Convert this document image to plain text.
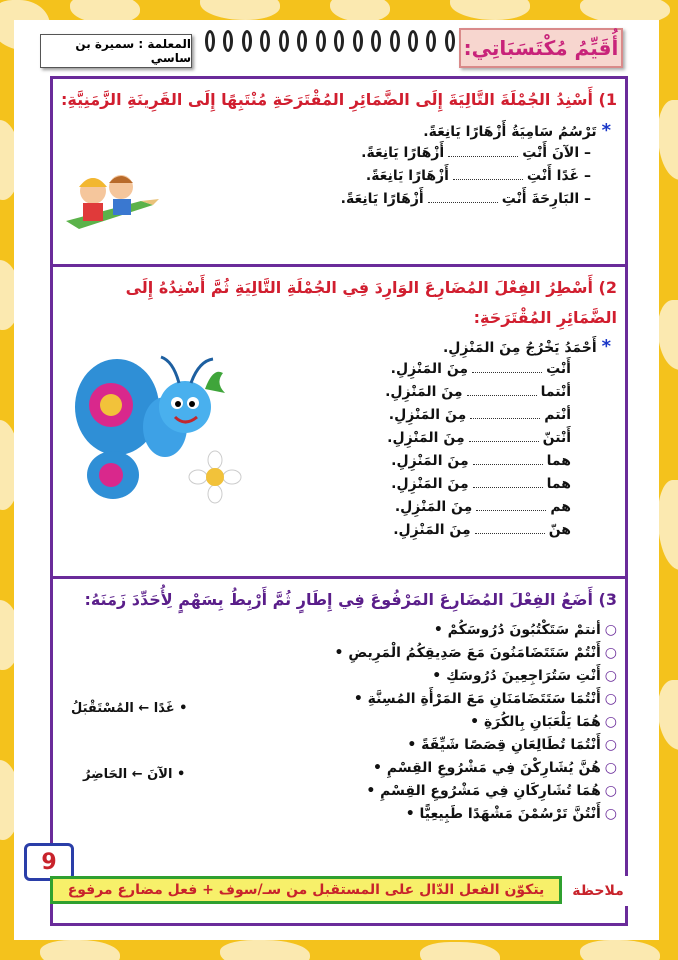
المعلمة : سميرة بن ساسي	أُقَيِّمُ مُكْتَسَبَاتِي:
1) أَسْنِدُ الجُمْلَةَ التَّالِيَةَ إِلَى الضَّمَائِرِ المُقْتَرَحَةِ مُنْتَبِهًا إِلَى القَرِينَةِ الزَّمَنِيَّةِ:
* تَرْسُمُ سَامِيَةُ أَزْهَارًا يَانِعَةً.
– الآنَ أَنْتِأَزْهَارًا يَانِعَةً.
– غَدًا أَنْتِأَزْهَارًا يَانِعَةً.
– البَارِحَةَ أَنْتِأَزْهَارًا يَانِعَةً.
2) أَسْطِرُ الفِعْلَ المُضَارِعَ الوَارِدَ فِي الجُمْلَةِ التَّالِيَةِ ثُمَّ أَسْنِدُهُ إِلَى الضَّمَائِرِ المُقْتَرَحَةِ:
* أَحْمَدُ يَخْرُجُ مِنَ المَنْزِلِ.
أَنْتِمِنَ المَنْزِلِ.
أنْتمامِنَ المَنْزِلِ.
أنْتممِنَ المَنْزِلِ.
أَنْتنّمِنَ المَنْزِلِ.
همامِنَ المَنْزِلِ.
همامِنَ المَنْزِلِ.
هممِنَ المَنْزِلِ.
هنّمِنَ المَنْزِلِ.
3) أَضَعُ الفِعْلَ المُضَارِعَ المَرْفُوعَ فِي إِطَارٍ ثُمَّ أَرْبِطُ بِسَهْمٍ لِأُحَدِّدَ زَمَنَهُ:
○أنتمْ سَتَكْتُبُونَ دُرُوسَكُمْ •
○أَنْتُمْ سَتَتَضَامَنُونَ مَعَ صَدِيقِكُمُ الْمَرِيضِ •
○أَنْتِ سَتُرَاجِعِينَ دُرُوسَكِ •
○أَنْتُمَا سَتَتَضَامَنَانِ مَعَ المَرْأَةِ المُسِنَّةِ •
○هُمَا يَلْعَبَانِ بِالكُرَةِ •
○أَنْتُمَا تُطَالِعَانِ قِصَصًا شَيِّقَةً •
○هُنَّ يُشَارِكْنَ فِي مَشْرُوعِ القِسْمِ •
○هُمَا تُشَارِكَانِ فِي مَشْرُوعِ القِسْمِ •
○أَنْتُنَّ تَرْسُمْنَ مَشْهَدًا طَبِيعِيًّا •
• غَدًا ← المُسْتَقْبَلُ
• الآنَ ← الحَاضِرُ
9
ملاحظة
يتكوّن الفعل الدّال على المستقبل من سـ/سوف + فعل مضارع مرفوع
